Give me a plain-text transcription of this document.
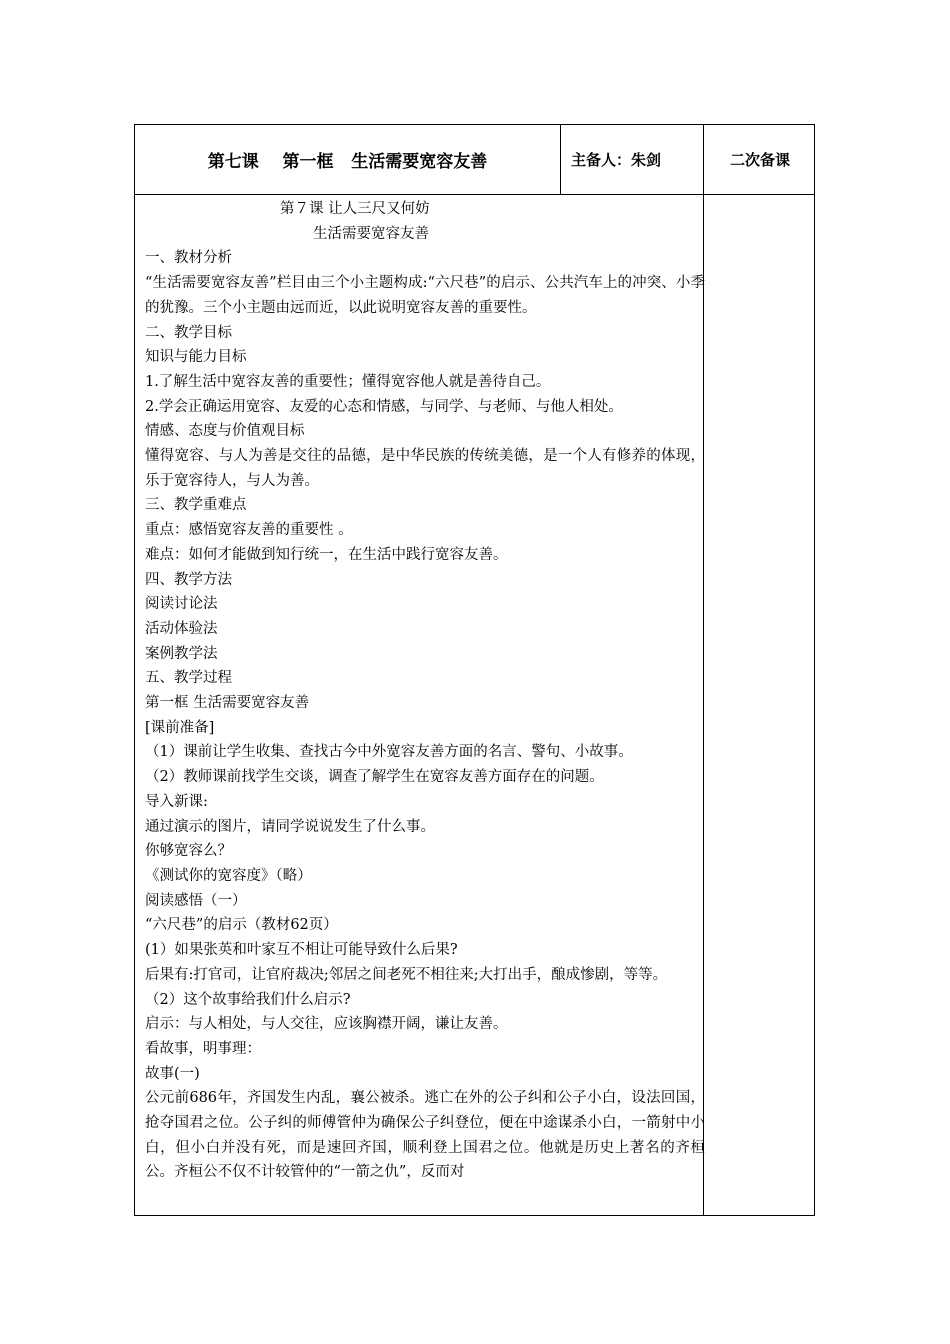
第七课    第一框   生活需要宽容友善	主备人：朱剑	二次备课

第７课 让人三尺又何妨

生活需要宽容友善

一、教材分析

“生活需要宽容友善”栏目由三个小主题构成:“六尺巷”的启示、公共汽车上的冲突、小季的犹豫。三个小主题由远而近，以此说明宽容友善的重要性。

二、教学目标

知识与能力目标

1.了解生活中宽容友善的重要性；懂得宽容他人就是善待自己。

2.学会正确运用宽容、友爱的心态和情感，与同学、与老师、与他人相处。

情感、态度与价值观目标

懂得宽容、与人为善是交往的品德，是中华民族的传统美德，是一个人有修养的体现，乐于宽容待人，与人为善。

三、教学重难点

重点：感悟宽容友善的重要性 。

难点：如何才能做到知行统一，在生活中践行宽容友善。

四、教学方法

阅读讨论法

活动体验法

案例教学法

五、教学过程

第一框 生活需要宽容友善

[课前准备]

（1）课前让学生收集、查找古今中外宽容友善方面的名言、警句、小故事。

（2）教师课前找学生交谈，调查了解学生在宽容友善方面存在的问题。

导入新课:

通过演示的图片，请同学说说发生了什么事。

你够宽容么？

《测试你的宽容度》（略）

阅读感悟（一）

“六尺巷”的启示（教材62页）

(1）如果张英和叶家互不相让可能导致什么后果?

后果有:打官司，让官府裁决;邻居之间老死不相往来;大打出手，酿成惨剧，等等。

（2）这个故事给我们什么启示?

启示：与人相处，与人交往，应该胸襟开阔，谦让友善。

看故事，明事理：

故事(一)

公元前686年，齐国发生内乱，襄公被杀。逃亡在外的公子纠和公子小白，设法回国，抢夺国君之位。公子纠的师傅管仲为确保公子纠登位，便在中途谋杀小白，一箭射中小白，但小白并没有死，而是速回齐国，顺利登上国君之位。他就是历史上著名的齐桓公。齐桓公不仅不计较管仲的“一箭之仇”，反而对
